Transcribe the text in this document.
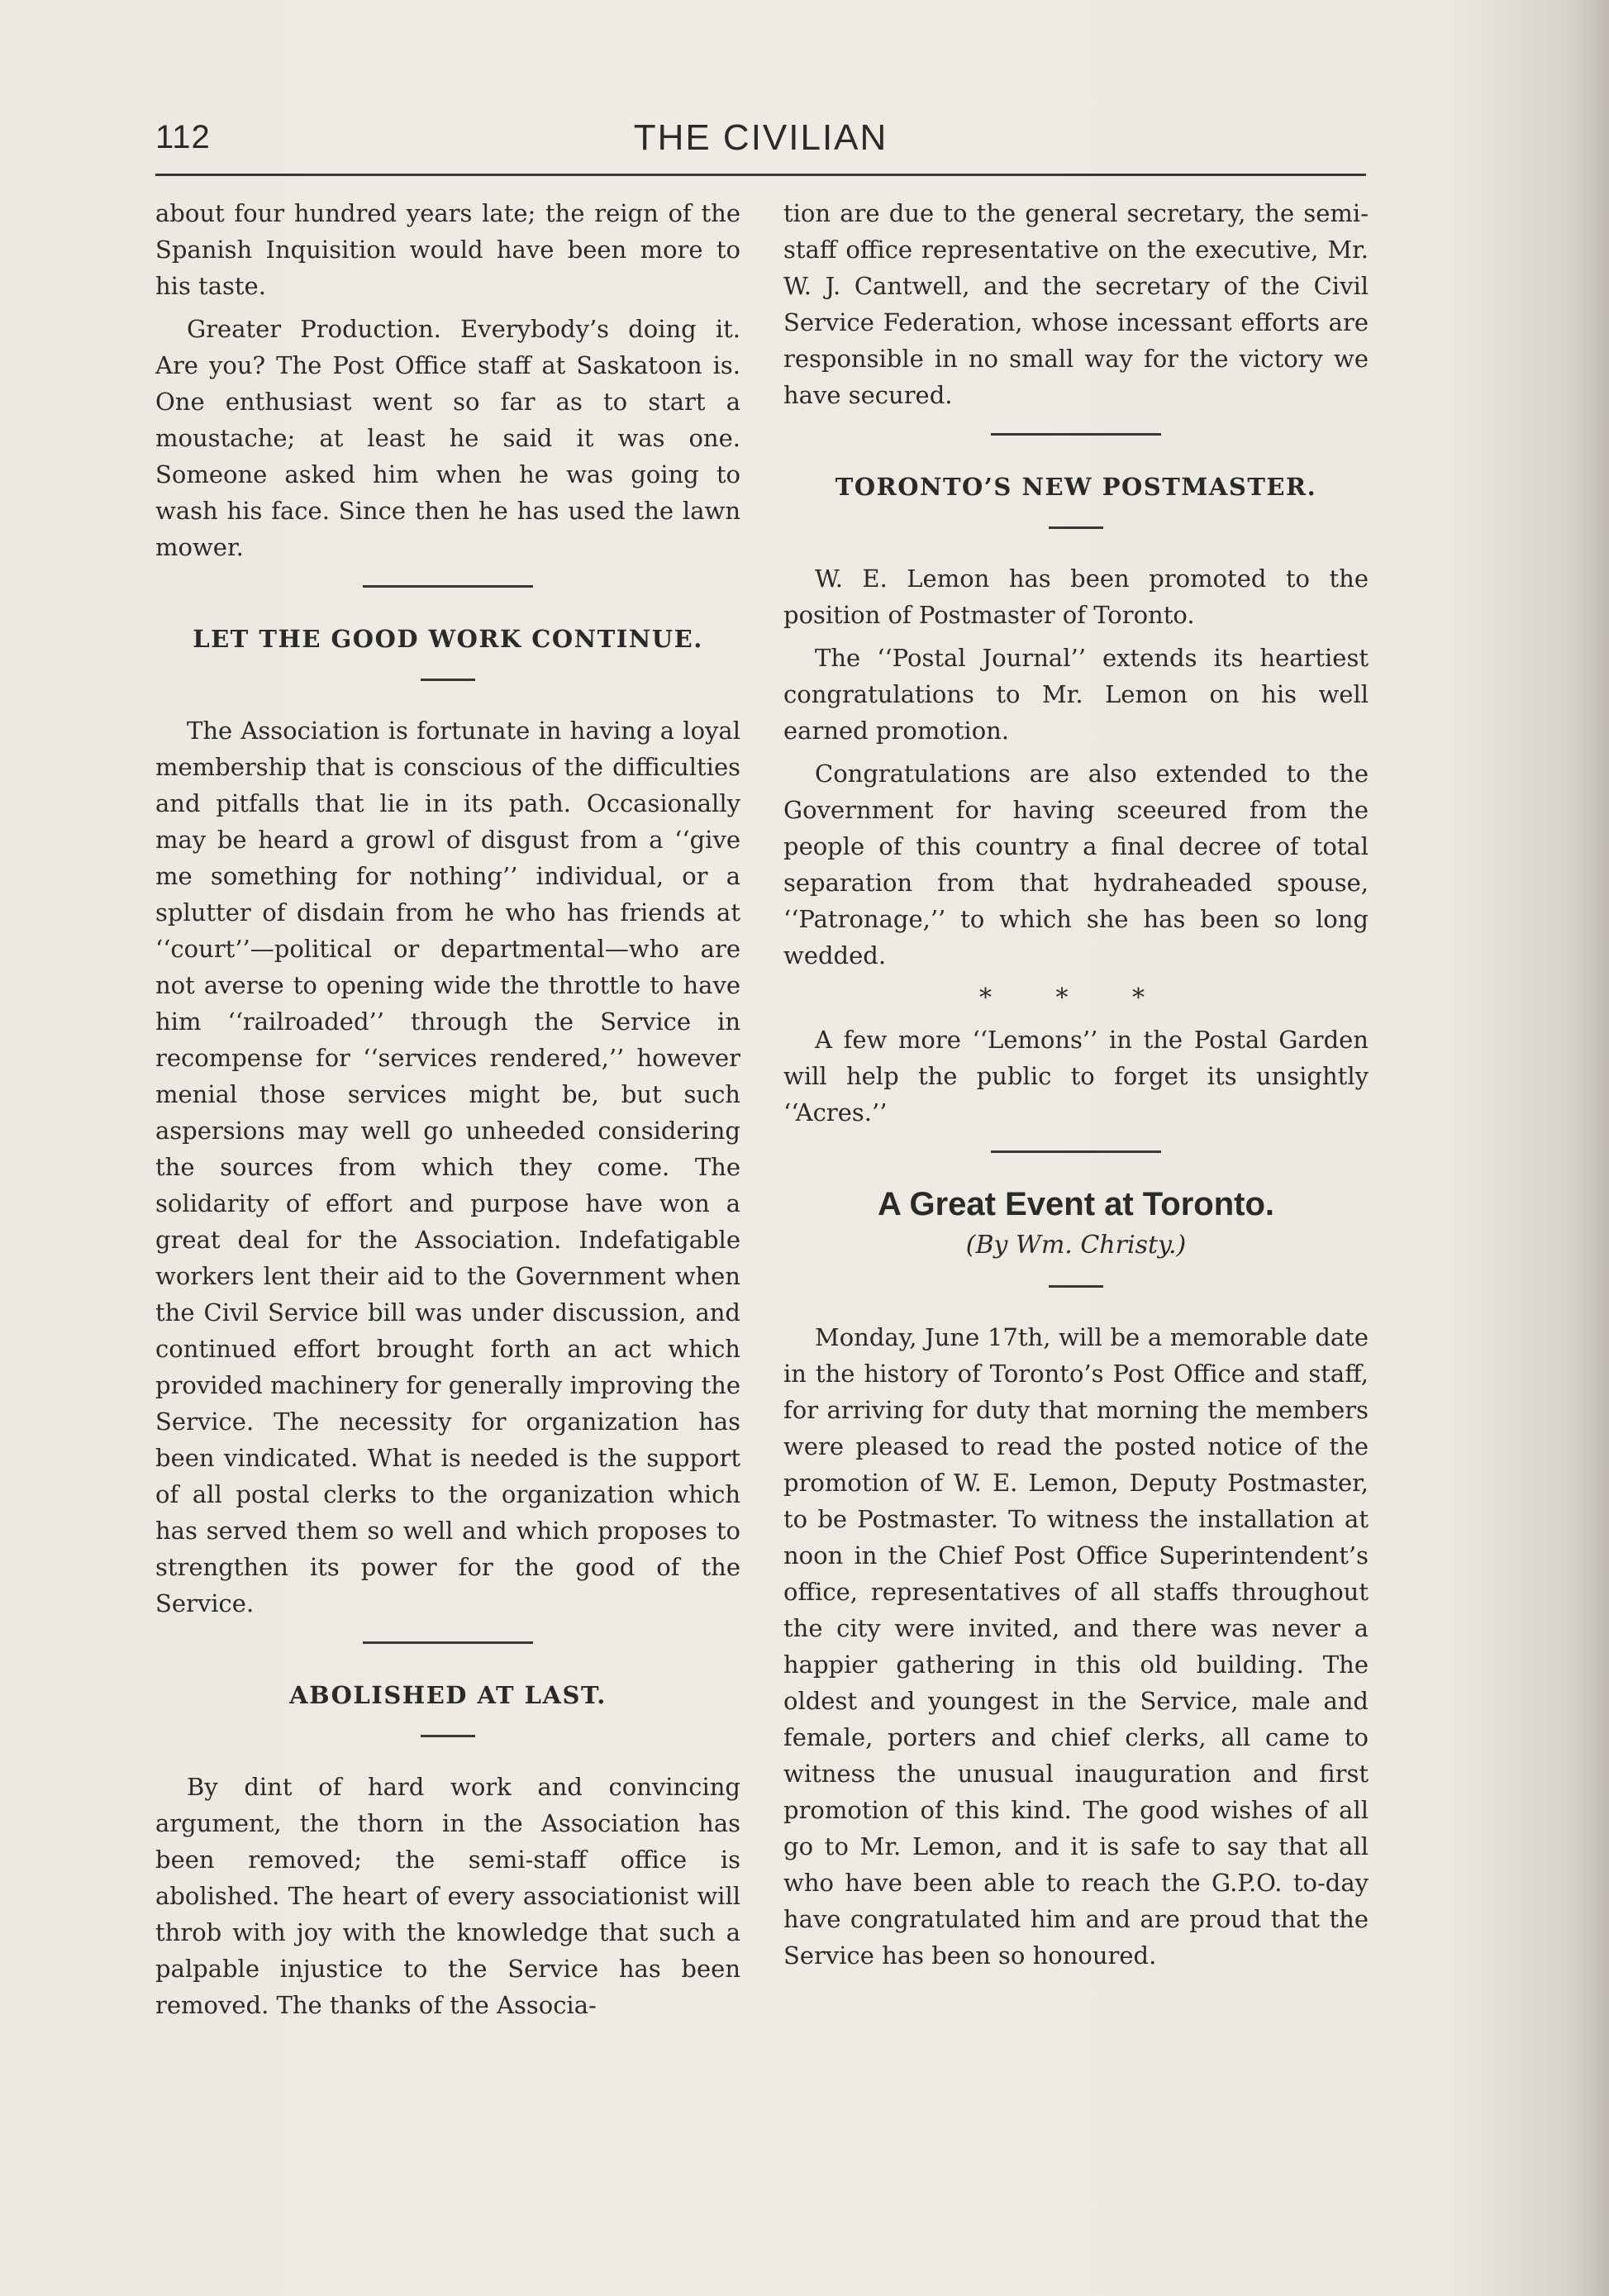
112	THE CIVILIAN

about four hundred years late; the reign of the Spanish Inquisition would have been more to his taste.

Greater Production. Everybody’s doing it. Are you? The Post Office staff at Saskatoon is. One enthusiast went so far as to start a moustache; at least he said it was one. Someone asked him when he was going to wash his face. Since then he has used the lawn mower.

LET THE GOOD WORK CONTINUE.

The Association is fortunate in having a loyal membership that is conscious of the difficulties and pitfalls that lie in its path. Occasionally may be heard a growl of disgust from a ‘‘give me something for nothing’’ individual, or a splutter of disdain from he who has friends at ‘‘court’’—political or departmental—who are not averse to opening wide the throttle to have him ‘‘railroaded’’ through the Service in recompense for ‘‘services rendered,’’ however menial those services might be, but such aspersions may well go unheeded considering the sources from which they come. The solidarity of effort and purpose have won a great deal for the Association. Indefatigable workers lent their aid to the Government when the Civil Service bill was under discussion, and continued effort brought forth an act which provided machinery for generally improving the Service. The necessity for organization has been vindicated. What is needed is the support of all postal clerks to the organization which has served them so well and which proposes to strengthen its power for the good of the Service.

ABOLISHED AT LAST.

By dint of hard work and convincing argument, the thorn in the Association has been removed; the semi-staff office is abolished. The heart of every associationist will throb with joy with the knowledge that such a palpable injustice to the Service has been removed. The thanks of the Associa-

tion are due to the general secretary, the semi-staff office representative on the executive, Mr. W. J. Cantwell, and the secretary of the Civil Service Federation, whose incessant efforts are responsible in no small way for the victory we have secured.

TORONTO’S NEW POSTMASTER.

W. E. Lemon has been promoted to the position of Postmaster of Toronto.

The ‘‘Postal Journal’’ extends its heartiest congratulations to Mr. Lemon on his well earned promotion.

Congratulations are also extended to the Government for having sceeured from the people of this country a final decree of total separation from that hydraheaded spouse, ‘‘Patronage,’’ to which she has been so long wedded.

* * *

A few more ‘‘Lemons’’ in the Postal Garden will help the public to forget its unsightly ‘‘Acres.’’

A Great Event at Toronto.
(By Wm. Christy.)

Monday, June 17th, will be a memorable date in the history of Toronto’s Post Office and staff, for arriving for duty that morning the members were pleased to read the posted notice of the promotion of W. E. Lemon, Deputy Postmaster, to be Postmaster. To witness the installation at noon in the Chief Post Office Superintendent’s office, representatives of all staffs throughout the city were invited, and there was never a happier gathering in this old building. The oldest and youngest in the Service, male and female, porters and chief clerks, all came to witness the unusual inauguration and first promotion of this kind. The good wishes of all go to Mr. Lemon, and it is safe to say that all who have been able to reach the G.P.O. to-day have congratulated him and are proud that the Service has been so honoured.
